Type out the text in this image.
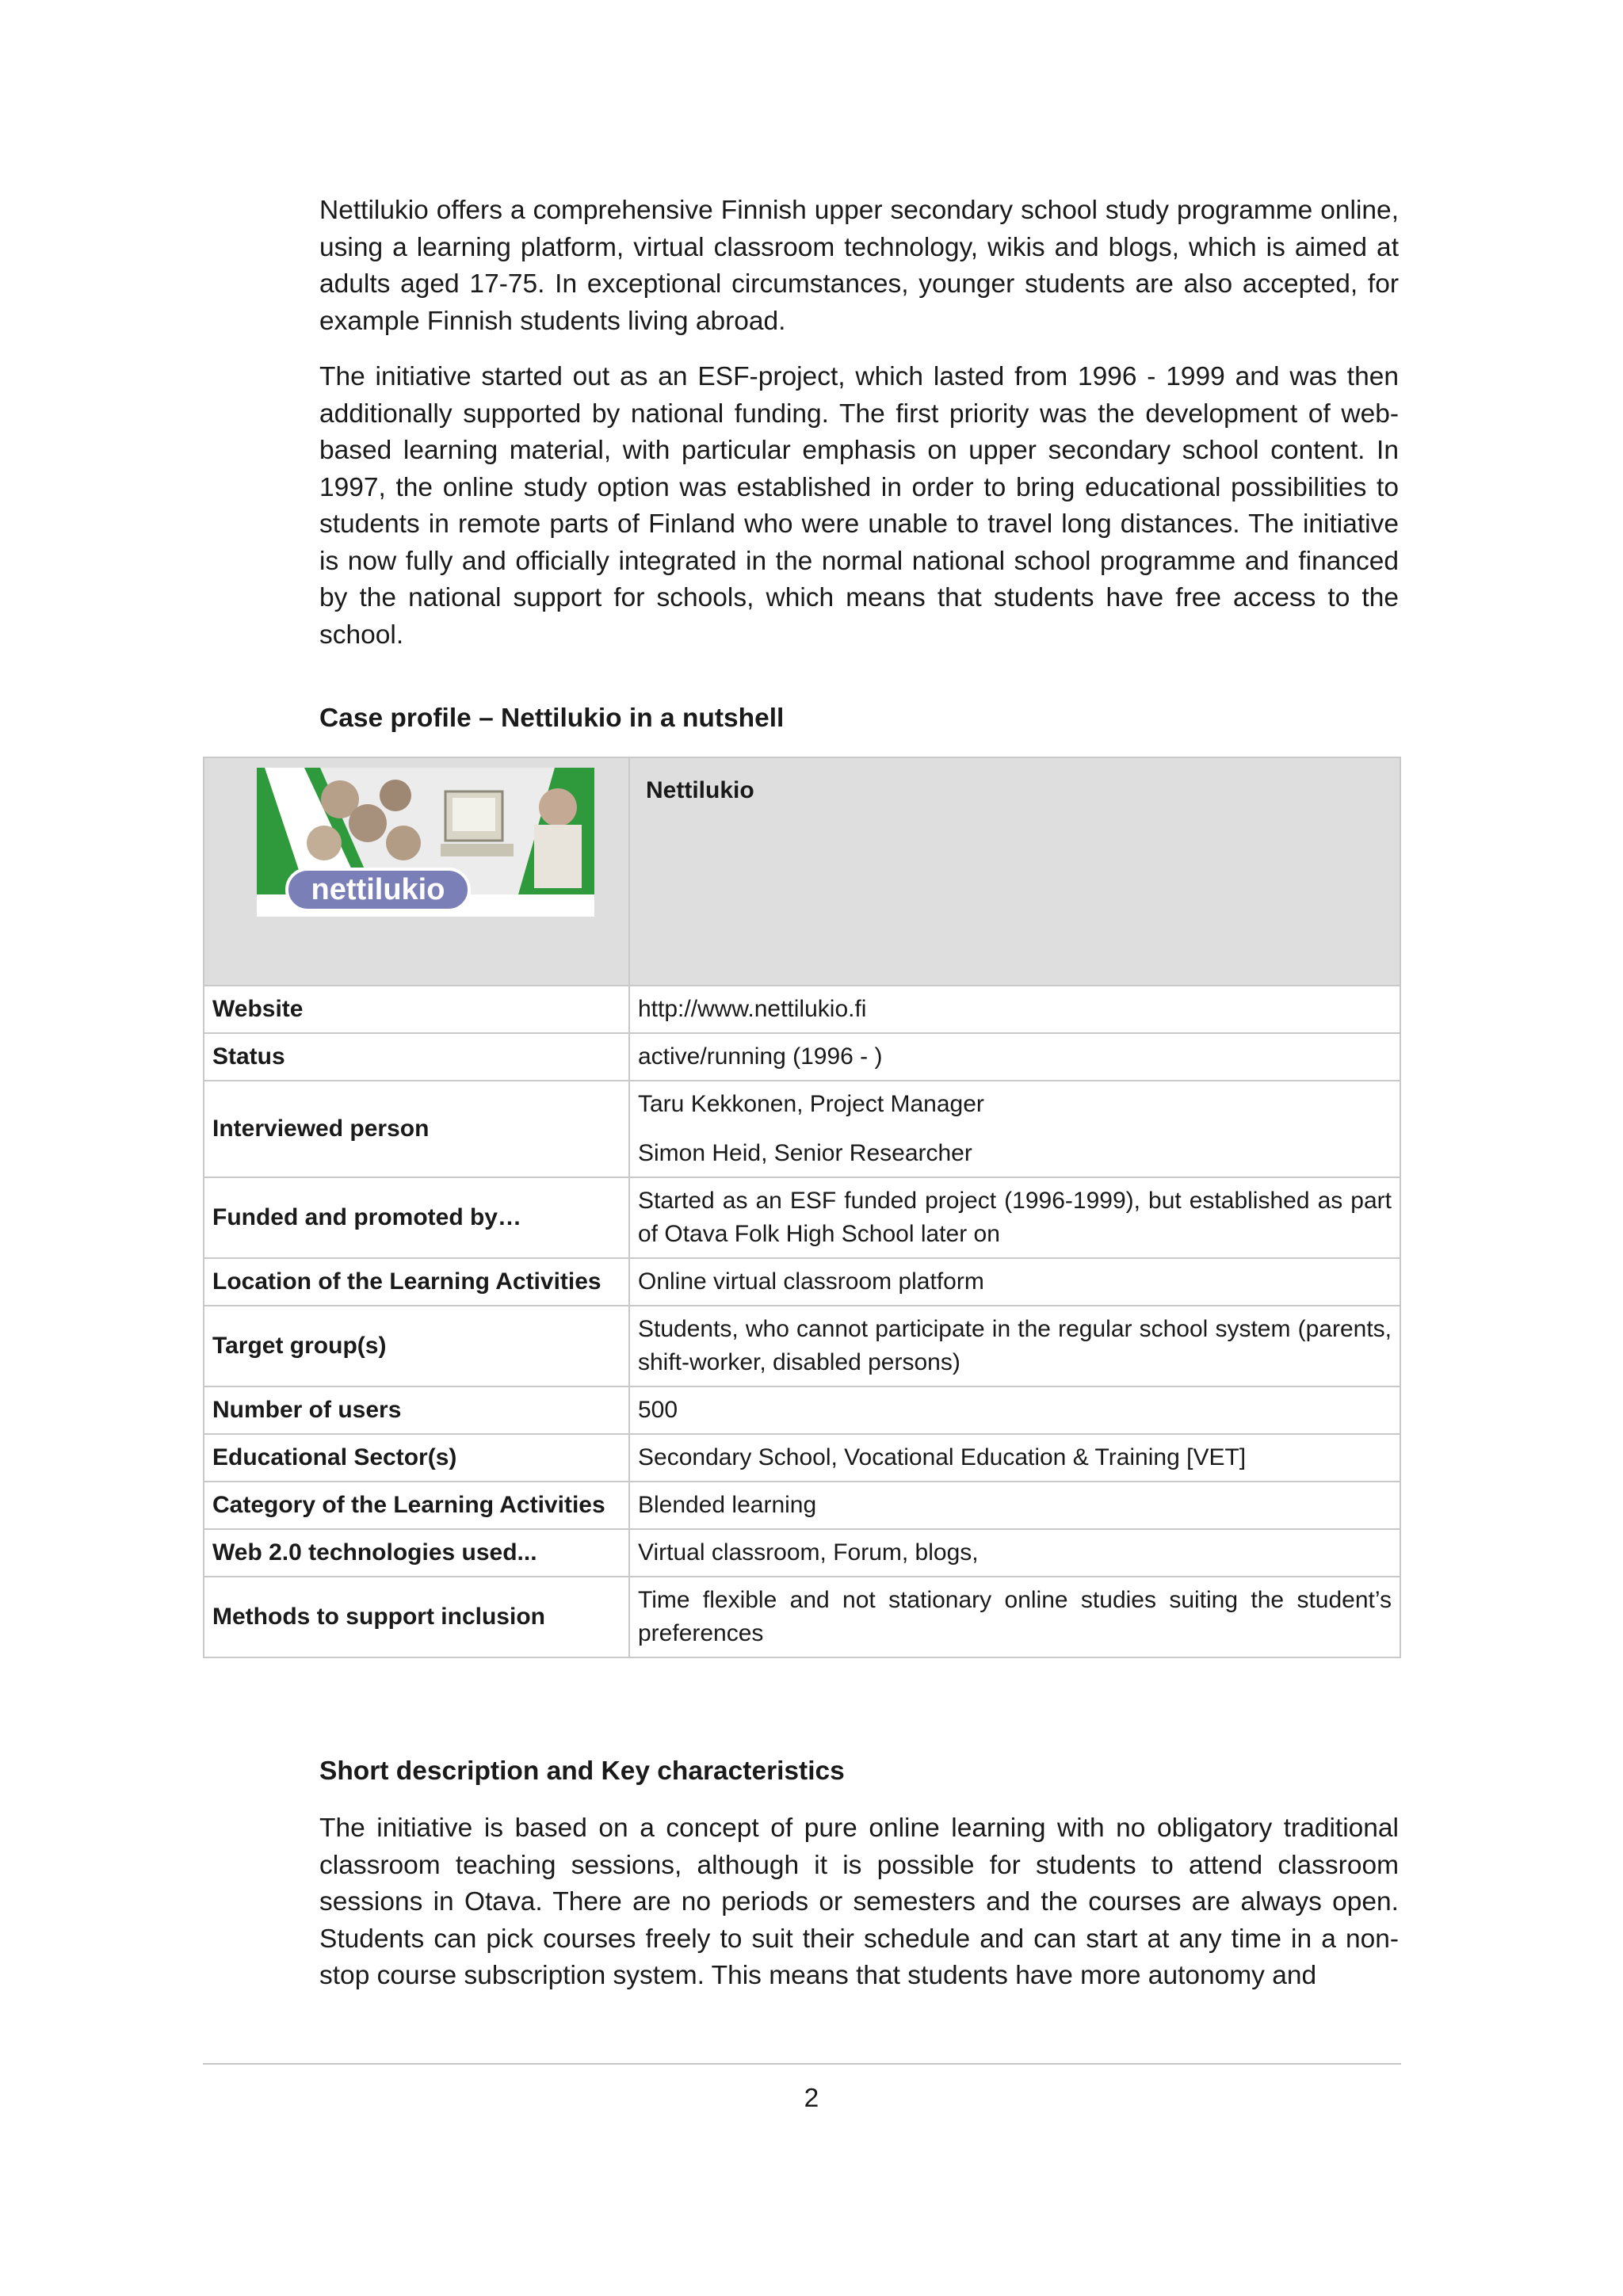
Nettilukio offers a comprehensive Finnish upper secondary school study programme online, using a learning platform, virtual classroom technology, wikis and blogs, which is aimed at adults aged 17-75. In exceptional circumstances, younger students are also accepted, for example Finnish students living abroad.

The initiative started out as an ESF-project, which lasted from 1996 - 1999 and was then additionally supported by national funding. The first priority was the development of web-based learning material, with particular emphasis on upper secondary school content. In 1997, the online study option was established in order to bring educational possibilities to students in remote parts of Finland who were unable to travel long distances. The initiative is now fully and officially integrated in the normal national school programme and financed by the national support for schools, which means that students have free access to the school.

Case profile – Nettilukio in a nutshell
nettilukio	Nettilukio
Website	http://www.nettilukio.fi
Status	active/running (1996 - )
Interviewed person	Taru Kekkonen, Project Manager
Simon Heid, Senior Researcher

Funded and promoted by…	Started as an ESF funded project (1996-1999), but established as part of Otava Folk High School later on
Location of the Learning Activities	Online virtual classroom platform
Target group(s)	Students, who cannot participate in the regular school system (parents, shift-worker, disabled persons)
Number of users	500
Educational Sector(s)	Secondary School, Vocational Education & Training [VET]
Category of the Learning Activities	Blended learning
Web 2.0 technologies used...	Virtual classroom, Forum, blogs,
Methods to support inclusion	Time flexible and not stationary online studies suiting the student’s preferences
Short description and Key characteristics

The initiative is based on a concept of pure online learning with no obligatory traditional classroom teaching sessions, although it is possible for students to attend classroom sessions in Otava. There are no periods or semesters and the courses are always open. Students can pick courses freely to suit their schedule and can start at any time in a non-stop course subscription system. This means that students have more autonomy and

2
